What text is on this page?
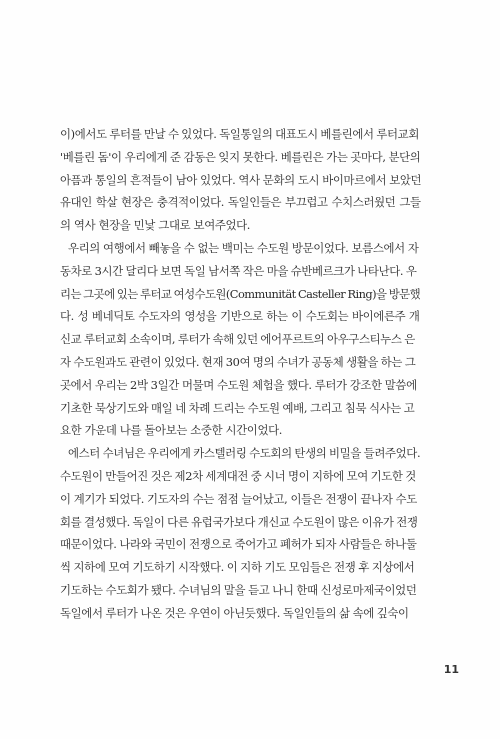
이)에서도 루터를 만날 수 있었다. 독일통일의 대표도시 베를린에서 루터교회
'베를린 돔'이 우리에게 준 감동은 잊지 못한다. 베를린은 가는 곳마다, 분단의
아픔과 통일의 흔적들이 남아 있었다. 역사 문화의 도시 바이마르에서 보았던
유대인 학살 현장은 충격적이었다. 독일인들은 부끄럽고 수치스러웠던 그들
의 역사 현장을 민낯 그대로 보여주었다.
우리의 여행에서 빼놓을 수 없는 백미는 수도원 방문이었다. 보름스에서 자
동차로 3시간 달리다 보면 독일 남서쪽 작은 마을 슈반베르크가 나타난다. 우
리는 그곳에 있는 루터교 여성수도원(Communität Casteller Ring)을 방문했
다. 성 베네딕토 수도자의 영성을 기반으로 하는 이 수도회는 바이에른주 개
신교 루터교회 소속이며, 루터가 속해 있던 에어푸르트의 아우구스티누스 은
자 수도원과도 관련이 있었다. 현재 30여 명의 수녀가 공동체 생활을 하는 그
곳에서 우리는 2박 3일간 머물며 수도원 체험을 했다. 루터가 강조한 말씀에
기초한 묵상기도와 매일 네 차례 드리는 수도원 예배, 그리고 침묵 식사는 고
요한 가운데 나를 돌아보는 소중한 시간이었다.
에스터 수녀님은 우리에게 카스텔러링 수도회의 탄생의 비밀을 들려주었다.
수도원이 만들어진 것은 제2차 세계대전 중 시너 명이 지하에 모여 기도한 것
이 계기가 되었다. 기도자의 수는 점점 늘어났고, 이들은 전쟁이 끝나자 수도
회를 결성했다. 독일이 다른 유럽국가보다 개신교 수도원이 많은 이유가 전쟁
때문이었다. 나라와 국민이 전쟁으로 죽어가고 폐허가 되자 사람들은 하나둘
씩 지하에 모여 기도하기 시작했다. 이 지하 기도 모임들은 전쟁 후 지상에서
기도하는 수도회가 됐다. 수녀님의 말을 듣고 나니 한때 신성로마제국이었던
독일에서 루터가 나온 것은 우연이 아닌듯했다. 독일인들의 삶 속에 깊숙이
11
